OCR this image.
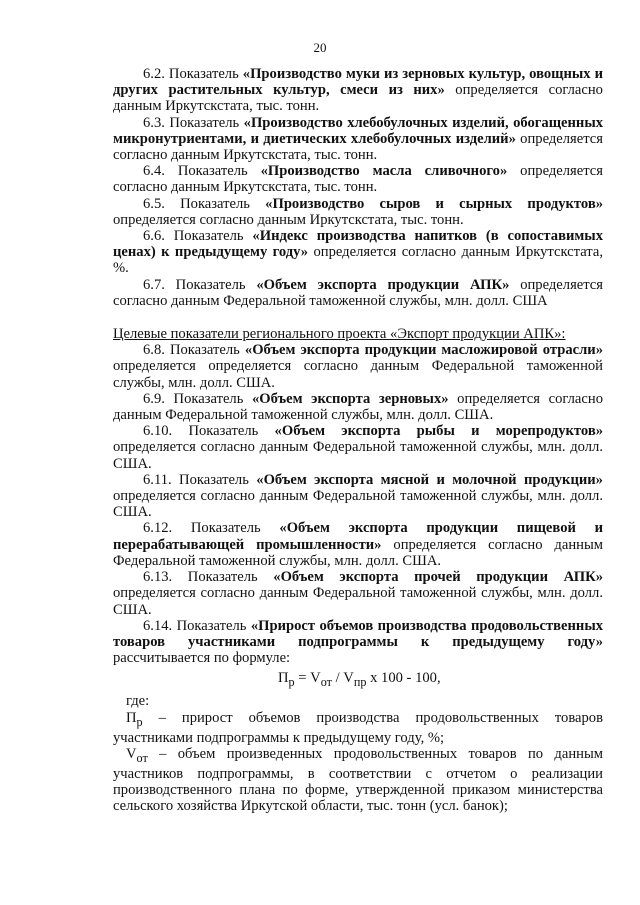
20

6.2. Показатель «Производство муки из зерновых культур, овощных и других растительных культур, смеси из них» определяется согласно данным Иркутскстата, тыс. тонн.

6.3. Показатель «Производство хлебобулочных изделий, обогащенных микронутриентами, и диетических хлебобулочных изделий» определяется согласно данным Иркутскстата, тыс. тонн.

6.4. Показатель «Производство масла сливочного» определяется согласно данным Иркутскстата, тыс. тонн.

6.5. Показатель «Производство сыров и сырных продуктов» определяется согласно данным Иркутскстата, тыс. тонн.

6.6. Показатель «Индекс производства напитков (в сопоставимых ценах) к предыдущему году» определяется согласно данным Иркутскстата, %.

6.7. Показатель «Объем экспорта продукции АПК» определяется согласно данным Федеральной таможенной службы, млн. долл. США

Целевые показатели регионального проекта «Экспорт продукции АПК»:

6.8. Показатель «Объем экспорта продукции масложировой отрасли» определяется определяется согласно данным Федеральной таможенной службы, млн. долл. США.

6.9. Показатель «Объем экспорта зерновых» определяется согласно данным Федеральной таможенной службы, млн. долл. США.

6.10. Показатель «Объем экспорта рыбы и морепродуктов» определяется согласно данным Федеральной таможенной службы, млн. долл. США.

6.11. Показатель «Объем экспорта мясной и молочной продукции» определяется согласно данным Федеральной таможенной службы, млн. долл. США.

6.12. Показатель «Объем экспорта продукции пищевой и перерабатывающей промышленности» определяется согласно данным Федеральной таможенной службы, млн. долл. США.

6.13. Показатель «Объем экспорта прочей продукции АПК» определяется согласно данным Федеральной таможенной службы, млн. долл. США.

6.14. Показатель «Прирост объемов производства продовольственных товаров участниками подпрограммы к предыдущему году» рассчитывается по формуле:

$П_р = V_{от} / V_{пр}$ x 100 - 100,

где:

$П_р$ – прирост объемов производства продовольственных товаров участниками подпрограммы к предыдущему году, %;

$V_{от}$ – объем произведенных продовольственных товаров по данным участников подпрограммы, в соответствии с отчетом о реализации производственного плана по форме, утвержденной приказом министерства сельского хозяйства Иркутской области, тыс. тонн (усл. банок);
